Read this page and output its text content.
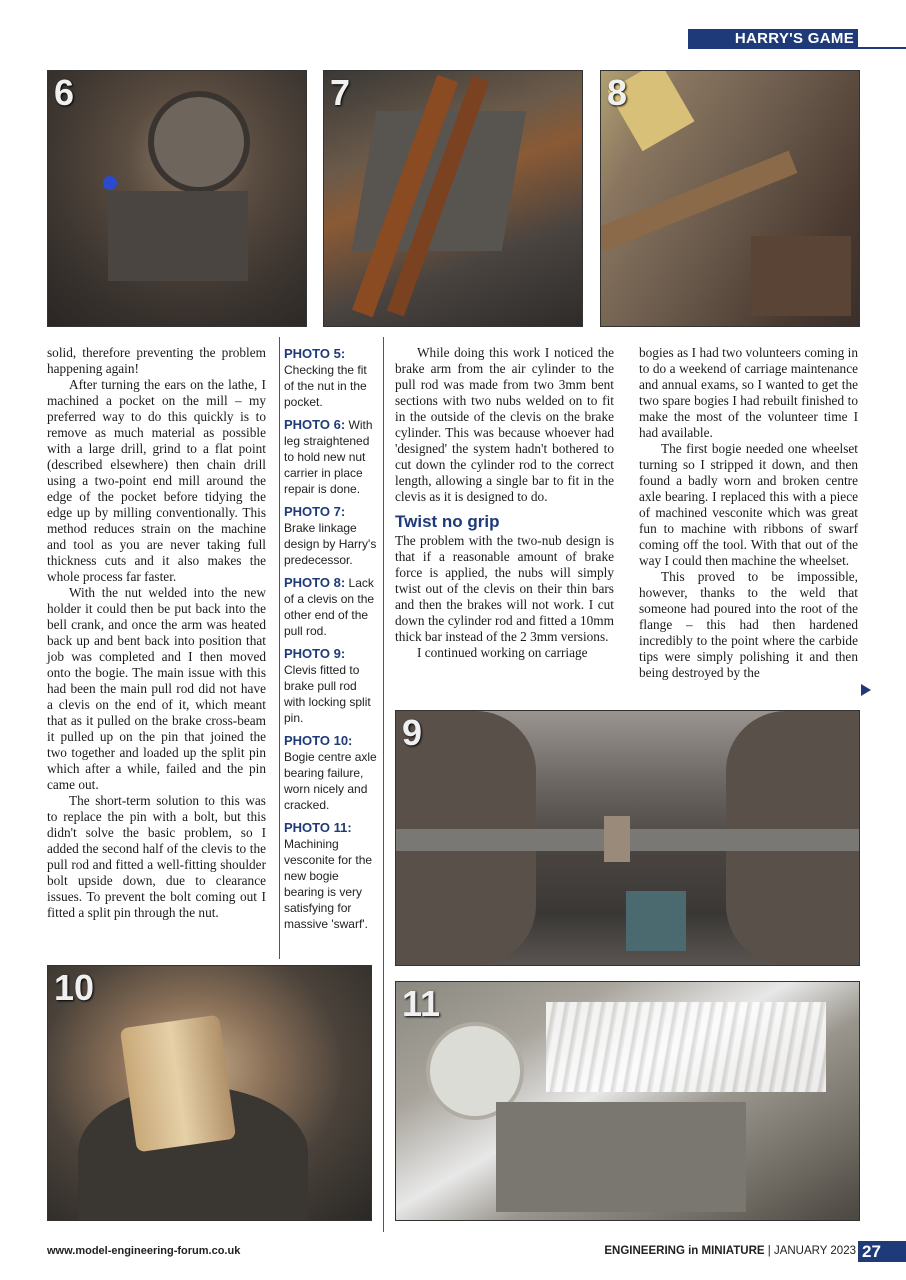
HARRY'S GAME
6	7	8
9
10	11

solid, therefore preventing the problem happening again!

After turning the ears on the lathe, I machined a pocket on the mill – my preferred way to do this quickly is to remove as much material as possible with a large drill, grind to a flat point (described elsewhere) then chain drill using a two-point end mill around the edge of the pocket before tidying the edge up by milling conventionally. This method reduces strain on the machine and tool as you are never taking full thickness cuts and it also makes the whole process far faster.

With the nut welded into the new holder it could then be put back into the bell crank, and once the arm was heated back up and bent back into position that job was completed and I then moved onto the bogie. The main issue with this had been the main pull rod did not have a clevis on the end of it, which meant that as it pulled on the brake cross-beam it pulled up on the pin that joined the two together and loaded up the split pin which after a while, failed and the pin came out.

The short-term solution to this was to replace the pin with a bolt, but this didn't solve the basic problem, so I added the second half of the clevis to the pull rod and fitted a well-fitting shoulder bolt upside down, due to clearance issues. To prevent the bolt coming out I fitted a split pin through the nut.

PHOTO 5: Checking the fit of the nut in the pocket.
PHOTO 6: With leg straightened to hold new nut carrier in place repair is done.
PHOTO 7: Brake linkage design by Harry's predecessor.
PHOTO 8: Lack of a clevis on the other end of the pull rod.
PHOTO 9: Clevis fitted to brake pull rod with locking split pin.
PHOTO 10: Bogie centre axle bearing failure, worn nicely and cracked.
PHOTO 11: Machining vesconite for the new bogie bearing is very satisfying for massive 'swarf'.

While doing this work I noticed the brake arm from the air cylinder to the pull rod was made from two 3mm bent sections with two nubs welded on to fit in the outside of the clevis on the brake cylinder. This was because whoever had 'designed' the system hadn't bothered to cut down the cylinder rod to the correct length, allowing a single bar to fit in the clevis as it is designed to do.

Twist no grip

The problem with the two-nub design is that if a reasonable amount of brake force is applied, the nubs will simply twist out of the clevis on their thin bars and then the brakes will not work. I cut down the cylinder rod and fitted a 10mm thick bar instead of the 2 3mm versions.

I continued working on carriage

bogies as I had two volunteers coming in to do a weekend of carriage maintenance and annual exams, so I wanted to get the two spare bogies I had rebuilt finished to make the most of the volunteer time I had available.

The first bogie needed one wheelset turning so I stripped it down, and then found a badly worn and broken centre axle bearing. I replaced this with a piece of machined vesconite which was great fun to machine with ribbons of swarf coming off the tool. With that out of the way I could then machine the wheelset.

This proved to be impossible, however, thanks to the weld that someone had poured into the root of the flange – this had then hardened incredibly to the point where the carbide tips were simply polishing it and then being destroyed by the

www.model-engineering-forum.co.uk	ENGINEERING in MINIATURE | JANUARY 2023 27
